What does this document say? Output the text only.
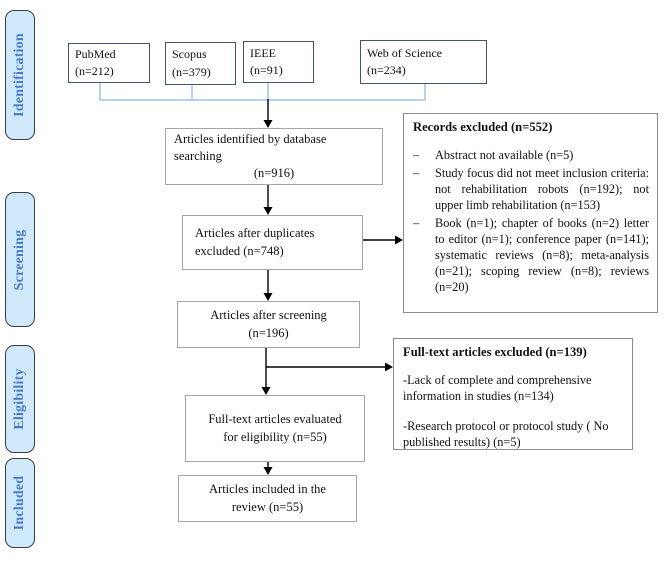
Identification
Screening
Eligibility
Included
PubMed
(n=212)
Scopus
(n=379)
IEEE
(n=91)
Web of Science
(n=234)
Articles identified by database searching
(n=916)
Articles after duplicates excluded (n=748)
Articles after screening
(n=196)
Full-text articles evaluated for eligibility (n=55)
Articles included in the review (n=55)
Records excluded (n=552)
–	Abstract not available (n=5)
–	Study focus did not meet inclusion criteria: not rehabilitation robots (n=192); not upper limb rehabilitation (n=153)
–	Book (n=1); chapter of books (n=2) letter to editor (n=1); conference paper (n=141); systematic reviews (n=8); meta-analysis (n=21); scoping review (n=8); reviews (n=20)
Full-text articles excluded (n=139)
-Lack of complete and comprehensive information in studies (n=134)
-Research protocol or protocol study ( No published results) (n=5)
